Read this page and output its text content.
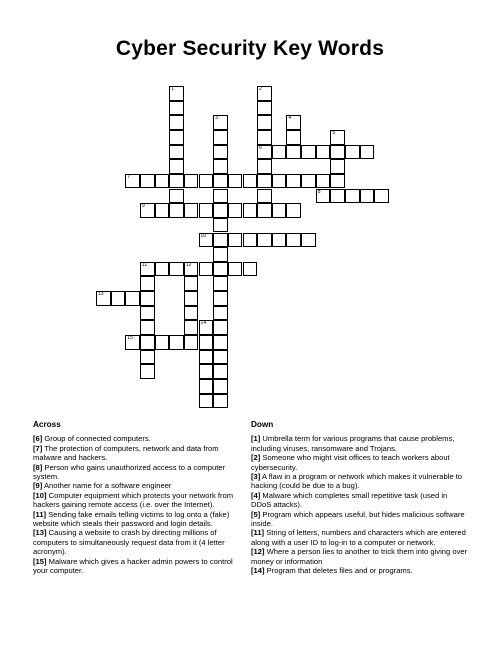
Cyber Security Key Words
6
7
8
9
10
11	12
13
15
1	2
3	4
5
14
Across
[6] Group of connected computers.
[7] The protection of computers, network and data from malware and hackers.
[8] Person who gains unauthorized access to a computer system.
[9] Another name for a software engineer
[10] Computer equipment which protects your network from hackers gaining remote access (i.e. over the Internet).
[11] Sending fake emails telling victims to log onto a (fake) website which steals their password and login details.
[13] Causing a website to crash by directing millions of computers to simultaneously request data from it (4 letter acronym).
[15] Malware which gives a hacker admin powers to control your computer.
Down
[1] Umbrella term for various programs that cause problems, including viruses, ransomware and Trojans.
[2] Someone who might visit offices to teach workers about cybersecurity.
[3] A flaw in a program or network which makes it vulnerable to hacking (could be due to a bug).
[4] Malware which completes small repetitive task (used in DDoS attacks).
[5] Program which appears useful, but hides malicious software inside.
[11] String of letters, numbers and characters which are entered along with a user ID to log-in to a computer or network.
[12] Where a person lies to another to trick them into giving over money or information
[14] Program that deletes files and or programs.
